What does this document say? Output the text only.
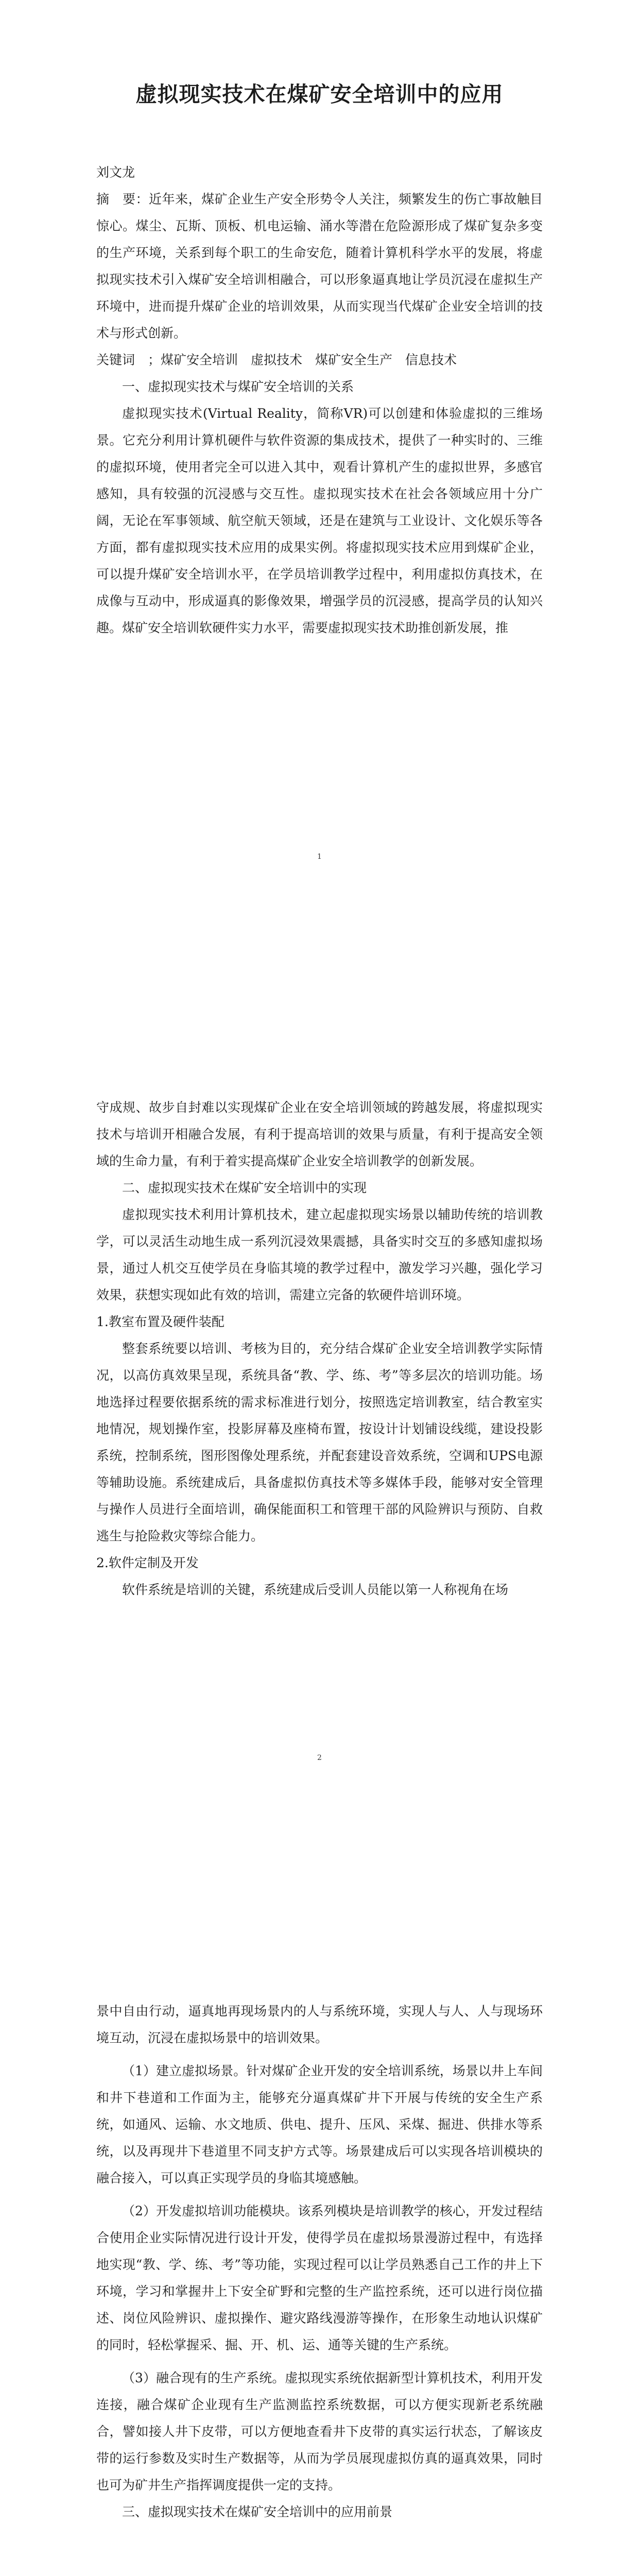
虚拟现实技术在煤矿安全培训中的应用

刘文龙

摘　要：近年来，煤矿企业生产安全形势令人关注，频繁发生的伤亡事故触目惊心。煤尘、瓦斯、顶板、机电运输、涌水等潜在危险源形成了煤矿复杂多变的生产环境，关系到每个职工的生命安危，随着计算机科学水平的发展，将虚拟现实技术引入煤矿安全培训相融合，可以形象逼真地让学员沉浸在虚拟生产环境中，进而提升煤矿企业的培训效果，从而实现当代煤矿企业安全培训的技术与形式创新。

关键词　；煤矿安全培训　虚拟技术　煤矿安全生产　信息技术

一、虚拟现实技术与煤矿安全培训的关系

虚拟现实技术(Virtual Reality，简称VR)可以创建和体验虚拟的三维场景。它充分利用计算机硬件与软件资源的集成技术，提供了一种实时的、三维的虚拟环境，使用者完全可以进入其中，观看计算机产生的虚拟世界，多感官感知，具有较强的沉浸感与交互性。虚拟现实技术在社会各领域应用十分广阔，无论在军事领域、航空航天领域，还是在建筑与工业设计、文化娱乐等各方面，都有虚拟现实技术应用的成果实例。将虚拟现实技术应用到煤矿企业，可以提升煤矿安全培训水平，在学员培训教学过程中，利用虚拟仿真技术，在成像与互动中，形成逼真的影像效果，增强学员的沉浸感，提高学员的认知兴趣。煤矿安全培训软硬件实力水平，需要虚拟现实技术助推创新发展，推

1

守成规、故步自封难以实现煤矿企业在安全培训领域的跨越发展，将虚拟现实技术与培训开相融合发展，有利于提高培训的效果与质量，有利于提高安全领域的生命力量，有利于着实提高煤矿企业安全培训教学的创新发展。

二、虚拟现实技术在煤矿安全培训中的实现

虚拟现实技术利用计算机技术，建立起虚拟现实场景以辅助传统的培训教学，可以灵活生动地生成一系列沉浸效果震撼，具备实时交互的多感知虚拟场景，通过人机交互使学员在身临其境的教学过程中，激发学习兴趣，强化学习效果，获想实现如此有效的培训，需建立完备的软硬件培训环境。

1.教室布置及硬件装配

整套系统要以培训、考核为目的，充分结合煤矿企业安全培训教学实际情况，以高仿真效果呈现，系统具备“教、学、练、考”等多层次的培训功能。场地选择过程要依据系统的需求标准进行划分，按照选定培训教室，结合教室实地情况，规划操作室，投影屏幕及座椅布置，按设计计划铺设线缆，建设投影系统，控制系统，图形图像处理系统，并配套建设音效系统，空调和UPS电源等辅助设施。系统建成后，具备虚拟仿真技术等多媒体手段，能够对安全管理与操作人员进行全面培训，确保能面积工和管理干部的风险辨识与预防、自救逃生与抢险救灾等综合能力。

2.软件定制及开发

软件系统是培训的关键，系统建成后受训人员能以第一人称视角在场

2

景中自由行动，逼真地再现场景内的人与系统环境，实现人与人、人与现场环境互动，沉浸在虚拟场景中的培训效果。

（1）建立虚拟场景。针对煤矿企业开发的安全培训系统，场景以井上车间和井下巷道和工作面为主，能够充分逼真煤矿井下开展与传统的安全生产系统，如通风、运输、水文地质、供电、提升、压风、采煤、掘进、供排水等系统，以及再现井下巷道里不同支护方式等。场景建成后可以实现各培训模块的融合接入，可以真正实现学员的身临其境感触。

（2）开发虚拟培训功能模块。该系列模块是培训教学的核心，开发过程结合使用企业实际情况进行设计开发，使得学员在虚拟场景漫游过程中，有选择地实现“教、学、练、考”等功能，实现过程可以让学员熟悉自己工作的井上下环境，学习和掌握井上下安全矿野和完整的生产监控系统，还可以进行岗位描述、岗位风险辨识、虚拟操作、避灾路线漫游等操作，在形象生动地认识煤矿的同时，轻松掌握采、掘、开、机、运、通等关键的生产系统。

（3）融合现有的生产系统。虚拟现实系统依据新型计算机技术，利用开发连接，融合煤矿企业现有生产监测监控系统数据，可以方便实现新老系统融合，譬如接人井下皮带，可以方便地查看井下皮带的真实运行状态，了解该皮带的运行参数及实时生产数据等，从而为学员展现虚拟仿真的逼真效果，同时也可为矿井生产指挥调度提供一定的支持。

三、虚拟现实技术在煤矿安全培训中的应用前景
